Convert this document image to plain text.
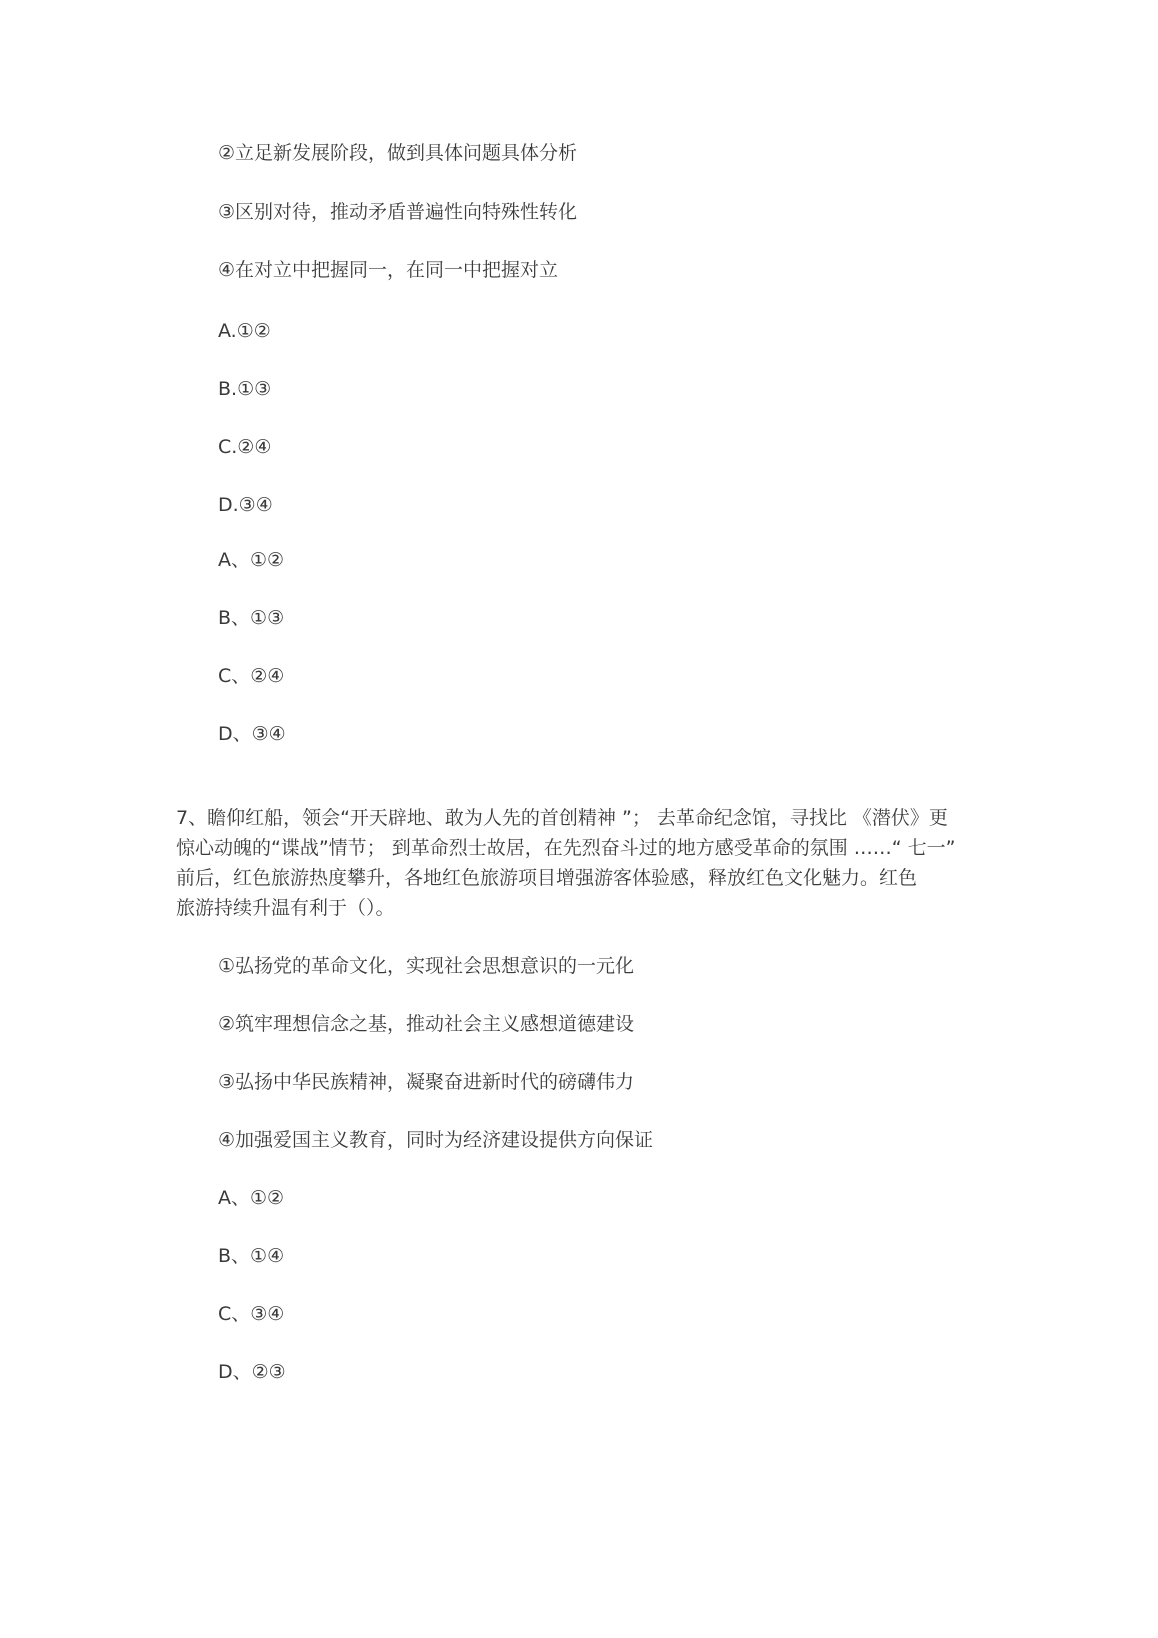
②立足新发展阶段，做到具体问题具体分析
③区别对待，推动矛盾普遍性向特殊性转化
④在对立中把握同一，在同一中把握对立
A.①②
B.①③
C.②④
D.③④
A、①②
B、①③
C、②④
D、③④
7、瞻仰红船，领会“开天辟地、敢为人先的首创精神 ”； 去革命纪念馆，寻找比 《潜伏》更
惊心动魄的“谍战”情节； 到革命烈士故居，在先烈奋斗过的地方感受革命的氛围 ……“ 七一”
前后，红色旅游热度攀升，各地红色旅游项目增强游客体验感，释放红色文化魅力。红色
旅游持续升温有利于（）。
①弘扬党的革命文化，实现社会思想意识的一元化
②筑牢理想信念之基，推动社会主义感想道德建设
③弘扬中华民族精神，凝聚奋进新时代的磅礴伟力
④加强爱国主义教育，同时为经济建设提供方向保证
A、①②
B、①④
C、③④
D、②③
